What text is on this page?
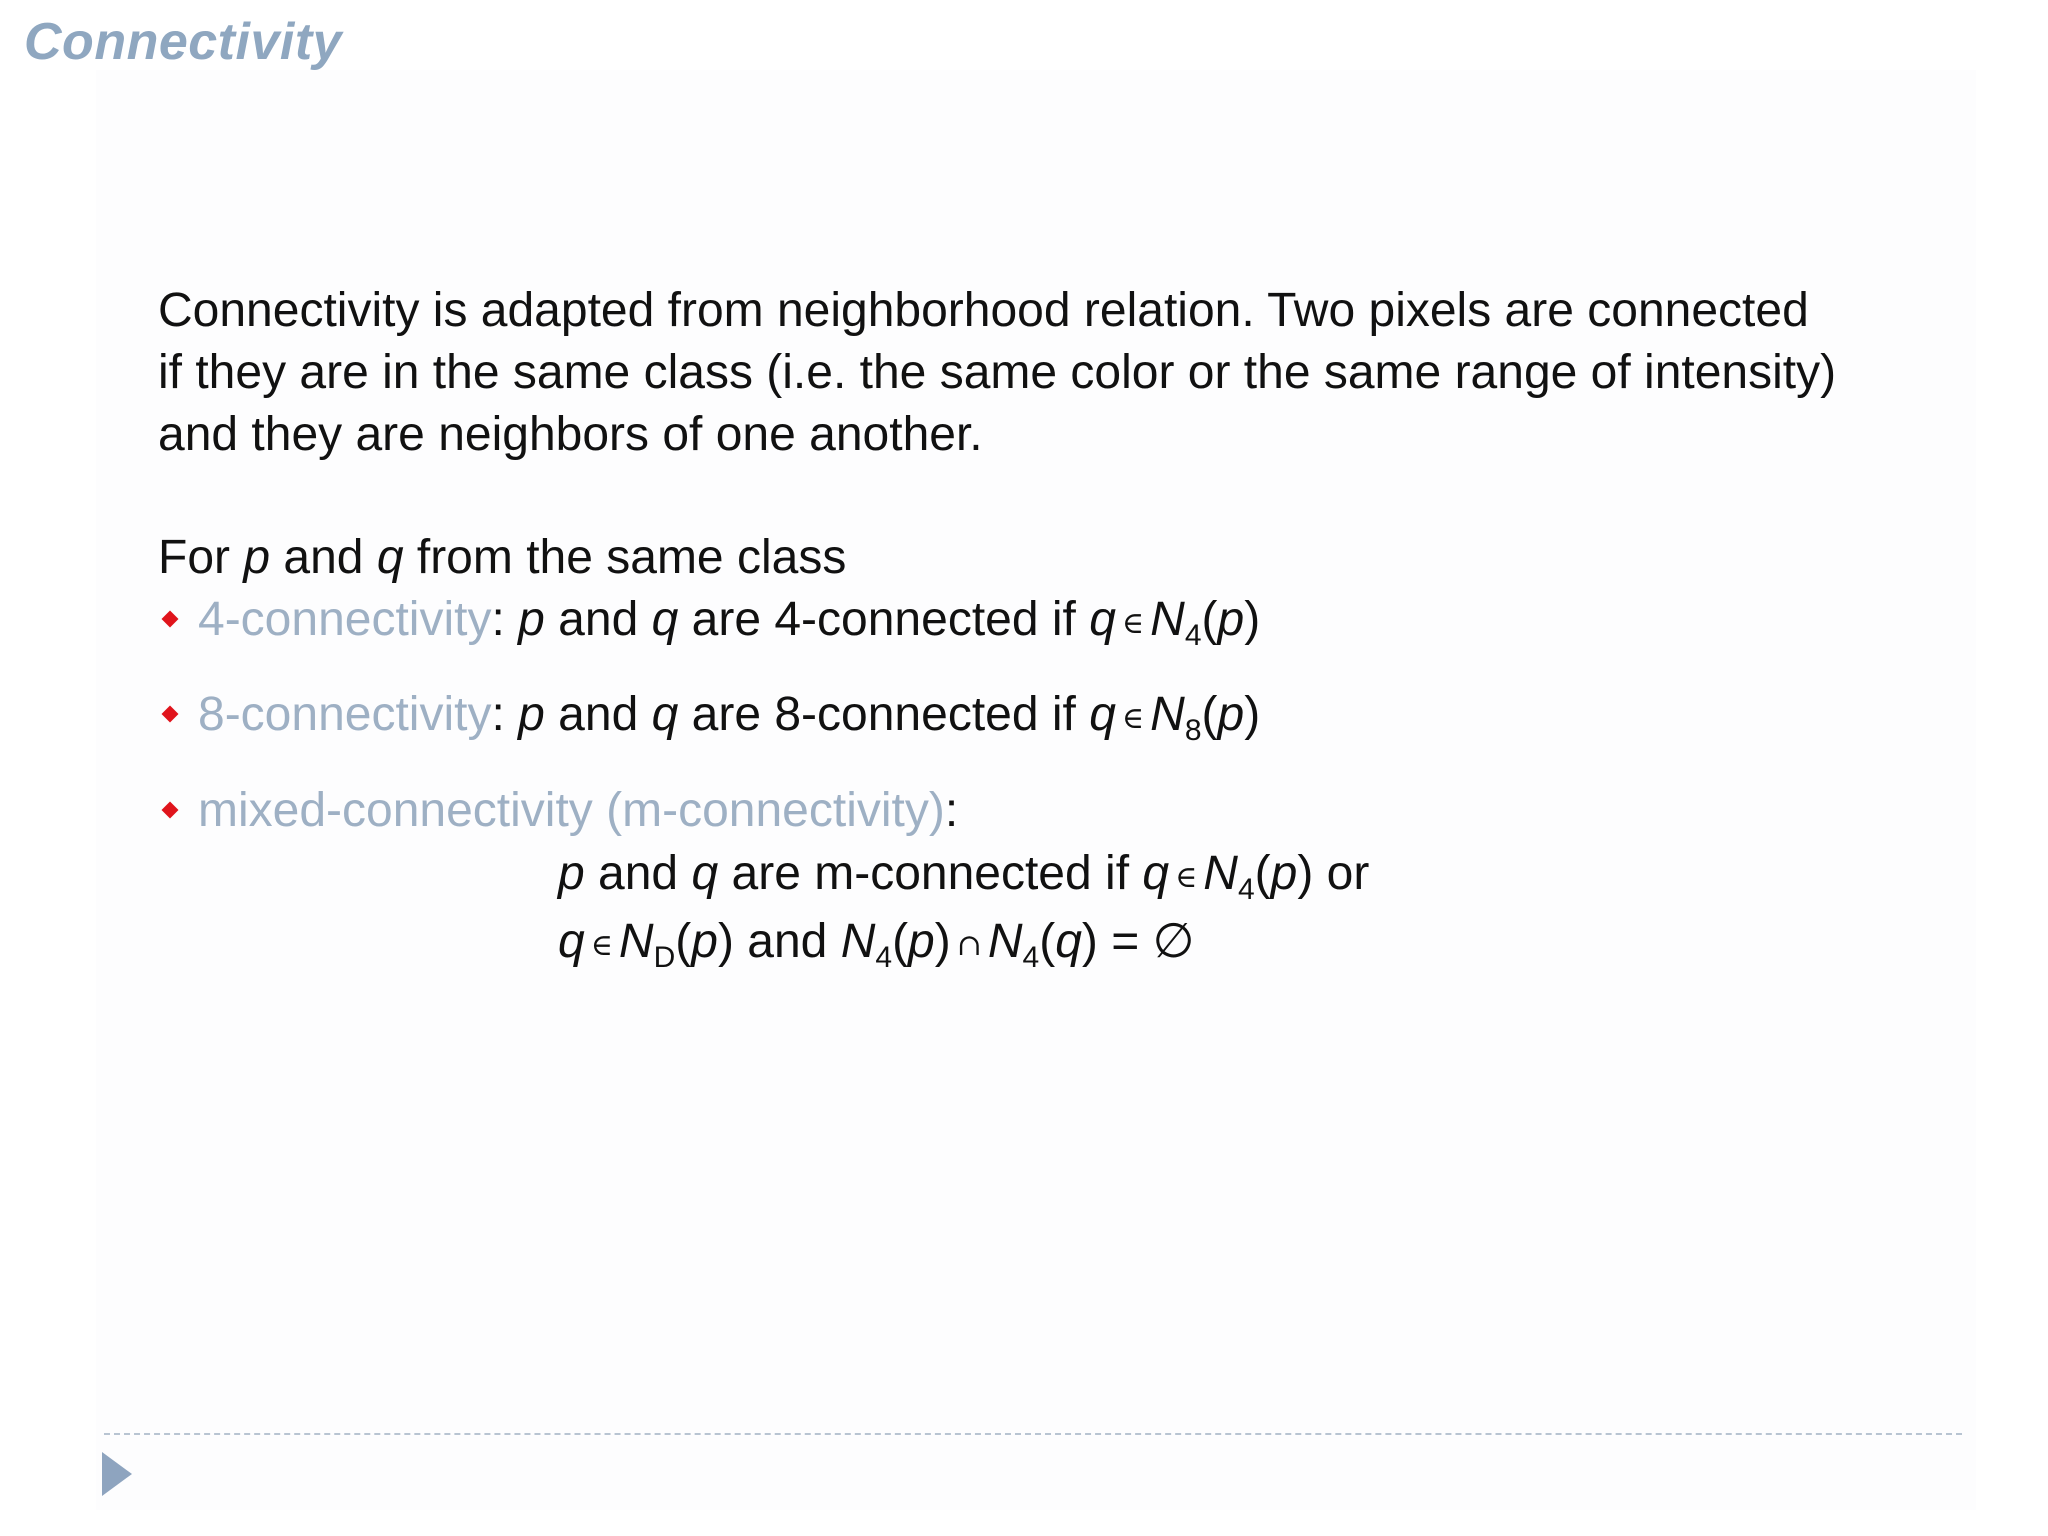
Connectivity
Connectivity is adapted from neighborhood relation. Two pixels are connected
if they are in the same class (i.e. the same color or the same range of intensity)
and they are neighbors of one another.
For p and q from the same class
4-connectivity: p and q are 4-connected if q ∈ $N_4(p)$
8-connectivity: p and q are 8-connected if q ∈ $N_8(p)$
mixed-connectivity (m-connectivity):
p and q are m-connected if q ∈ $N_4(p)$ or
q ∈ $N_D(p)$ and $N_4(p)$ ∩ $N_4(q)$ = ∅
